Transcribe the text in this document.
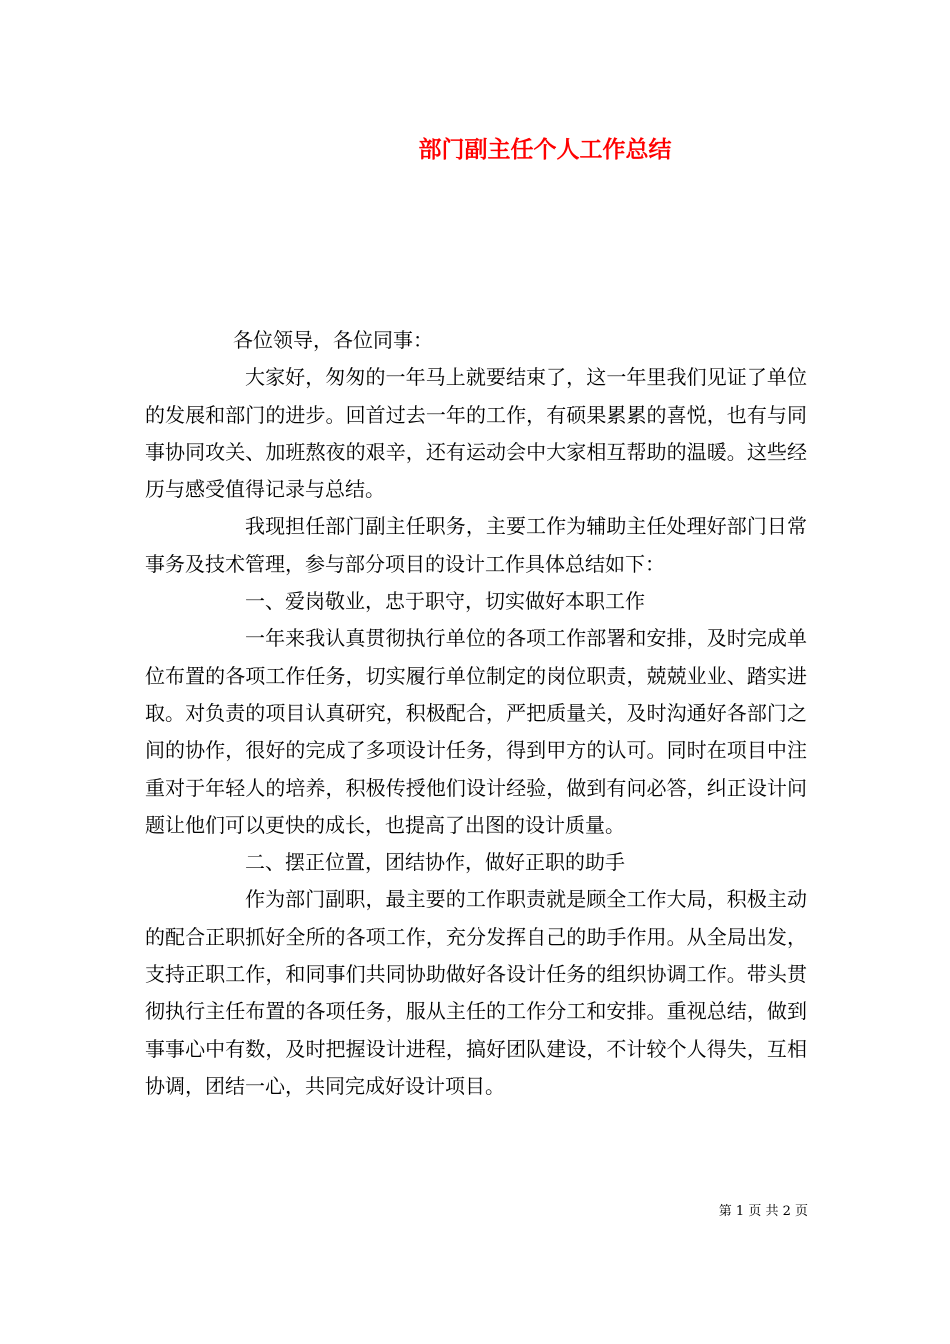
部门副主任个人工作总结

各位领导，各位同事：

大家好，匆匆的一年马上就要结束了，这一年里我们见证了单位的发展和部门的进步。回首过去一年的工作，有硕果累累的喜悦，也有与同事协同攻关、加班熬夜的艰辛，还有运动会中大家相互帮助的温暖。这些经历与感受值得记录与总结。

我现担任部门副主任职务，主要工作为辅助主任处理好部门日常事务及技术管理，参与部分项目的设计工作具体总结如下：

一、爱岗敬业，忠于职守，切实做好本职工作

一年来我认真贯彻执行单位的各项工作部署和安排，及时完成单位布置的各项工作任务，切实履行单位制定的岗位职责，兢兢业业、踏实进取。对负责的项目认真研究，积极配合，严把质量关，及时沟通好各部门之间的协作，很好的完成了多项设计任务，得到甲方的认可。同时在项目中注重对于年轻人的培养，积极传授他们设计经验，做到有问必答，纠正设计问题让他们可以更快的成长，也提高了出图的设计质量。

二、摆正位置，团结协作，做好正职的助手

作为部门副职，最主要的工作职责就是顾全工作大局，积极主动的配合正职抓好全所的各项工作，充分发挥自己的助手作用。从全局出发，支持正职工作，和同事们共同协助做好各设计任务的组织协调工作。带头贯彻执行主任布置的各项任务，服从主任的工作分工和安排。重视总结，做到事事心中有数，及时把握设计进程，搞好团队建设，不计较个人得失，互相协调，团结一心，共同完成好设计项目。

第 1 页 共 2 页
